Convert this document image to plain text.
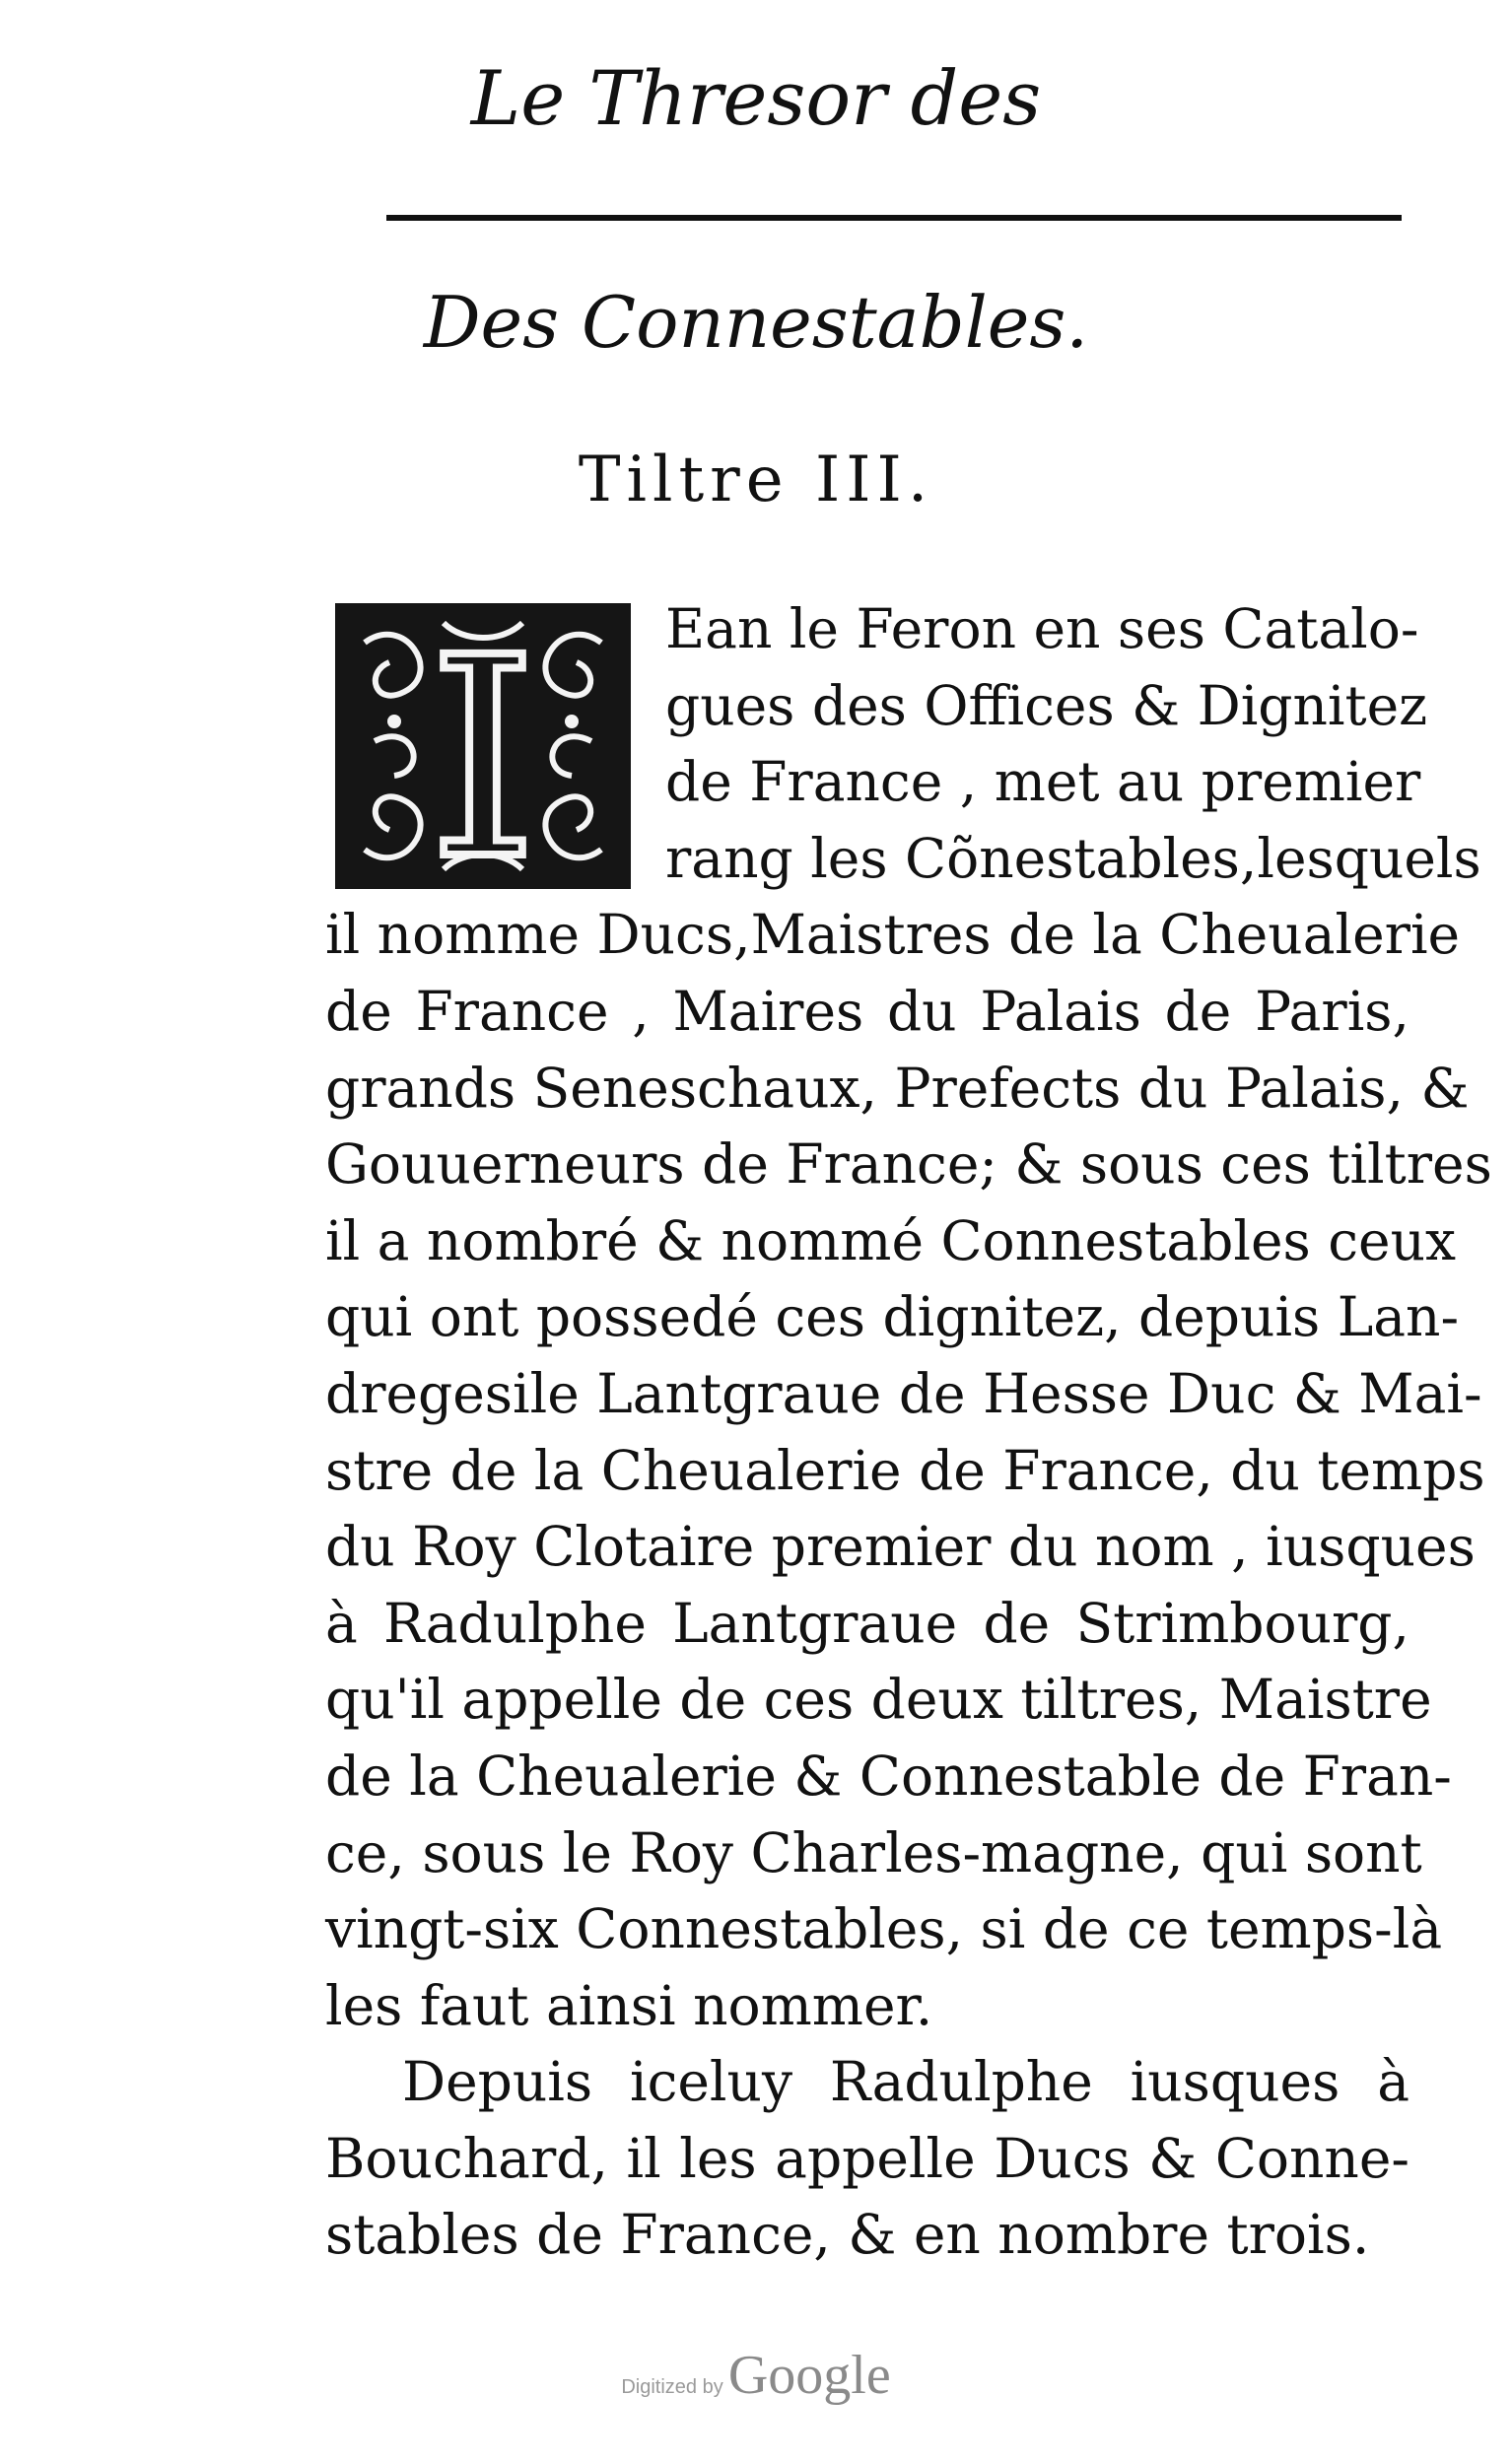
Le Thresor des
Des Connestables.
Tiltre III.
I Ean le Feron en ses Catalo-
gues des Offices & Dignitez
de France , met au premier
rang les Cõnestables,lesquels
il nomme Ducs,Maistres de la Cheualerie
de France , Maires du Palais de Paris,
grands Seneschaux, Prefects du Palais, &
Gouuerneurs de France; & sous ces tiltres
il a nombré & nommé Connestables ceux
qui ont possedé ces dignitez, depuis Lan-
dregesile Lantgraue de Hesse Duc & Mai-
stre de la Cheualerie de France, du temps
du Roy Clotaire premier du nom , iusques
à Radulphe Lantgraue de Strimbourg,
qu'il appelle de ces deux tiltres, Maistre
de la Cheualerie & Connestable de Fran-
ce, sous le Roy Charles-magne, qui sont
vingt-six Connestables, si de ce temps-là
les faut ainsi nommer.
Depuis iceluy Radulphe iusques à
Bouchard, il les appelle Ducs & Conne-
stables de France, & en nombre trois.
Digitized by Google
